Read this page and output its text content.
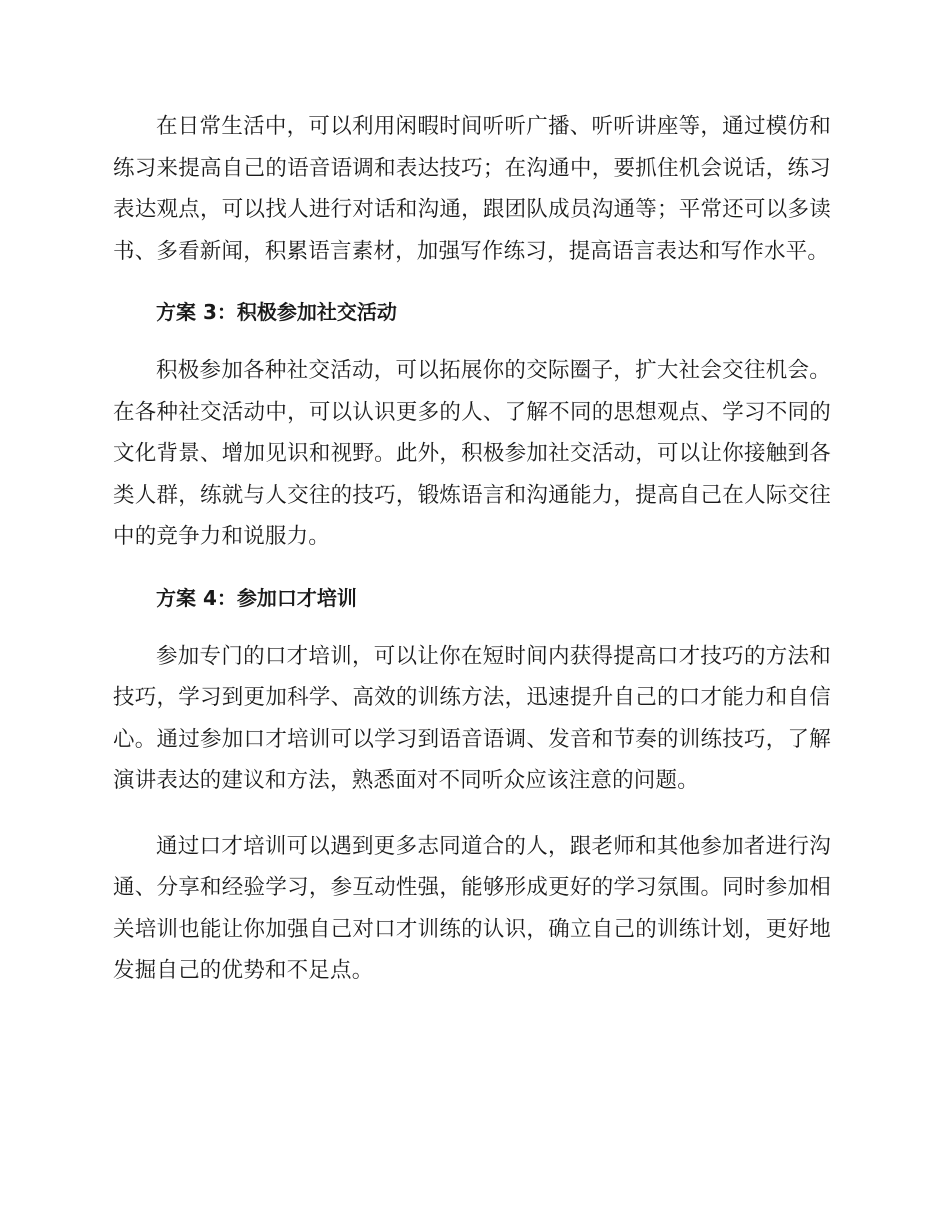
在日常生活中，可以利用闲暇时间听听广播、听听讲座等，通过模仿和练习来提高自己的语音语调和表达技巧；在沟通中，要抓住机会说话，练习表达观点，可以找人进行对话和沟通，跟团队成员沟通等；平常还可以多读书、多看新闻，积累语言素材，加强写作练习，提高语言表达和写作水平。

方案 3：积极参加社交活动

积极参加各种社交活动，可以拓展你的交际圈子，扩大社会交往机会。在各种社交活动中，可以认识更多的人、了解不同的思想观点、学习不同的文化背景、增加见识和视野。此外，积极参加社交活动，可以让你接触到各类人群，练就与人交往的技巧，锻炼语言和沟通能力，提高自己在人际交往中的竞争力和说服力。

方案 4：参加口才培训

参加专门的口才培训，可以让你在短时间内获得提高口才技巧的方法和技巧，学习到更加科学、高效的训练方法，迅速提升自己的口才能力和自信心。通过参加口才培训可以学习到语音语调、发音和节奏的训练技巧，了解演讲表达的建议和方法，熟悉面对不同听众应该注意的问题。

通过口才培训可以遇到更多志同道合的人，跟老师和其他参加者进行沟通、分享和经验学习，参互动性强，能够形成更好的学习氛围。同时参加相关培训也能让你加强自己对口才训练的认识，确立自己的训练计划，更好地发掘自己的优势和不足点。
